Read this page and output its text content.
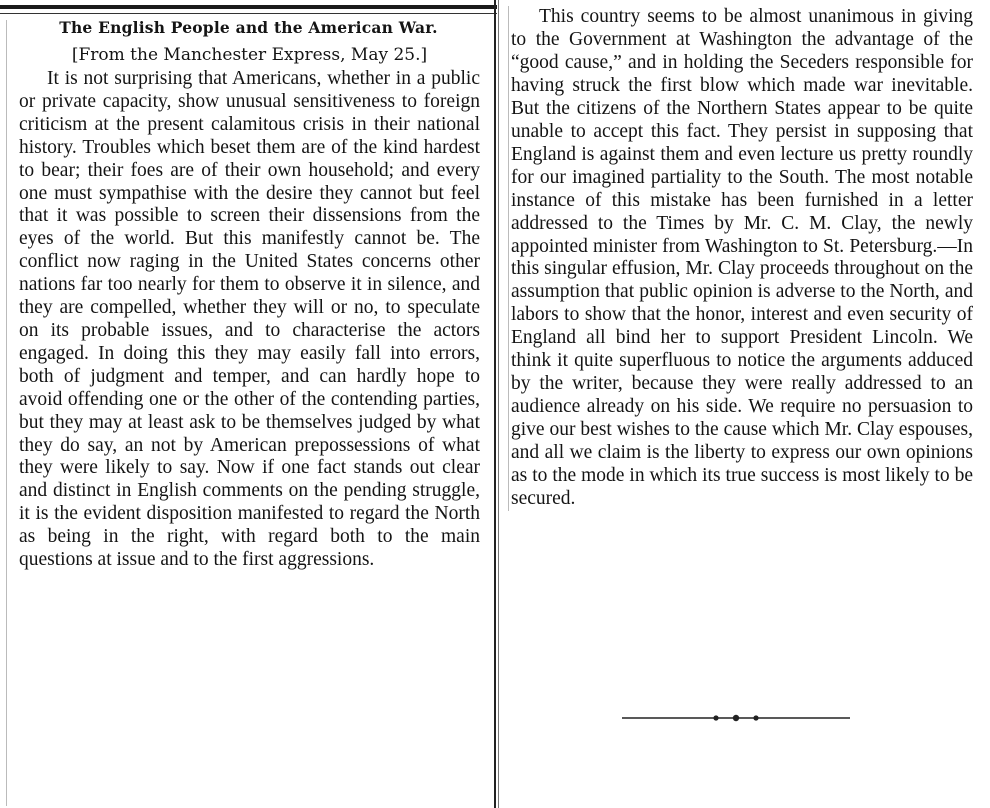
The English People and the American War.
[From the Manchester Express, May 25.]

It is not surprising that Americans, whether in a public or private capacity, show unusual sensitiveness to foreign criticism at the present calamitous crisis in their national history. Troubles which beset them are of the kind hardest to bear; their foes are of their own household; and every one must sympathise with the desire they cannot but feel that it was possible to screen their dissensions from the eyes of the world. But this manifestly cannot be. The conflict now raging in the United States concerns other nations far too nearly for them to observe it in silence, and they are compelled, whether they will or no, to speculate on its probable issues, and to characterise the actors engaged. In doing this they may easily fall into errors, both of judgment and temper, and can hardly hope to avoid offending one or the other of the contending parties, but they may at least ask to be themselves judged by what they do say, an not by American prepossessions of what they were likely to say. Now if one fact stands out clear and distinct in English comments on the pending struggle, it is the evident disposition manifested to regard the North as being in the right, with regard both to the main questions at issue and to the first aggressions.

This country seems to be almost unanimous in giving to the Government at Washington the advantage of the “good cause,” and in holding the Seceders responsible for having struck the first blow which made war inevitable. But the citizens of the Northern States appear to be quite unable to accept this fact. They persist in supposing that England is against them and even lecture us pretty roundly for our imagined partiality to the South. The most notable instance of this mistake has been furnished in a letter addressed to the Times by Mr. C. M. Clay, the newly appointed minister from Washington to St. Petersburg.—In this singular effusion, Mr. Clay proceeds throughout on the assumption that public opinion is adverse to the North, and labors to show that the honor, interest and even security of England all bind her to support President Lincoln. We think it quite superfluous to notice the arguments adduced by the writer, because they were really addressed to an audience already on his side. We require no persuasion to give our best wishes to the cause which Mr. Clay espouses, and all we claim is the liberty to express our own opinions as to the mode in which its true success is most likely to be secured.
